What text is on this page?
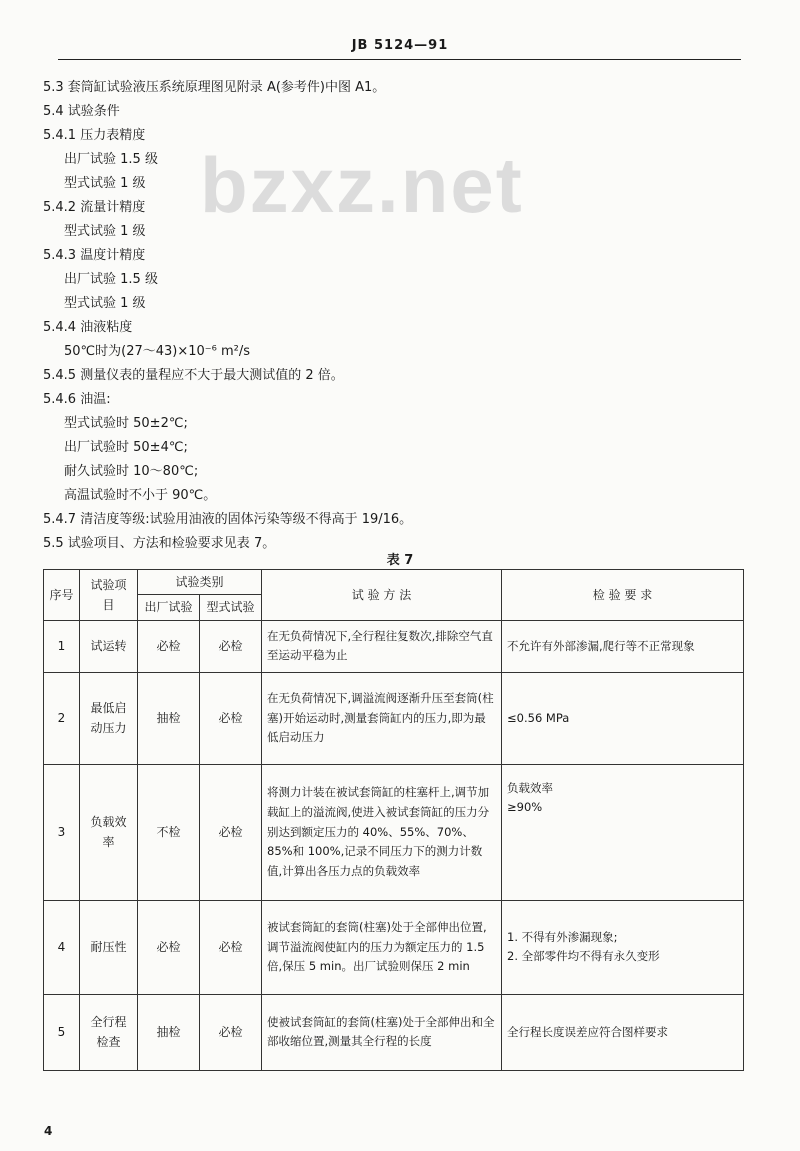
JB 5124—91
bzxz.net
5.3 套筒缸试验液压系统原理图见附录 A(参考件)中图 A1。
5.4 试验条件
5.4.1 压力表精度
出厂试验 1.5 级
型式试验 1 级
5.4.2 流量计精度
型式试验 1 级
5.4.3 温度计精度
出厂试验 1.5 级
型式试验 1 级
5.4.4 油液粘度
50℃时为(27～43)×10⁻⁶ m²/s
5.4.5 测量仪表的量程应不大于最大测试值的 2 倍。
5.4.6 油温:
型式试验时 50±2℃;
出厂试验时 50±4℃;
耐久试验时 10～80℃;
高温试验时不小于 90℃。
5.4.7 清洁度等级:试验用油液的固体污染等级不得高于 19/16。
5.5 试验项目、方法和检验要求见表 7。
表 7
序号	试验项目	试验类别		试 验 方 法	检 验 要 求
		出厂试验	型式试验		
1	试运转	必检	必检	在无负荷情况下,全行程往复数次,排除空气直至运动平稳为止	不允许有外部渗漏,爬行等不正常现象

2	最低启动压力	抽检	必检	在无负荷情况下,调溢流阀逐渐升压至套筒(柱塞)开始运动时,测量套筒缸内的压力,即为最低启动压力	≤0.56 MPa

3	负载效率	不检	必检	将测力计装在被试套筒缸的柱塞杆上,调节加载缸上的溢流阀,使进入被试套筒缸的压力分别达到额定压力的 40%、55%、70%、85%和 100%,记录不同压力下的测力计数值,计算出各压力点的负载效率	负载效率
≥90%

4	耐压性	必检	必检	被试套筒缸的套筒(柱塞)处于全部伸出位置,调节溢流阀使缸内的压力为额定压力的 1.5 倍,保压 5 min。出厂试验则保压 2 min	1. 不得有外渗漏现象;
2. 全部零件均不得有永久变形

5	全行程检查	抽检	必检	使被试套筒缸的套筒(柱塞)处于全部伸出和全部收缩位置,测量其全行程的长度	全行程长度误差应符合图样要求
4
